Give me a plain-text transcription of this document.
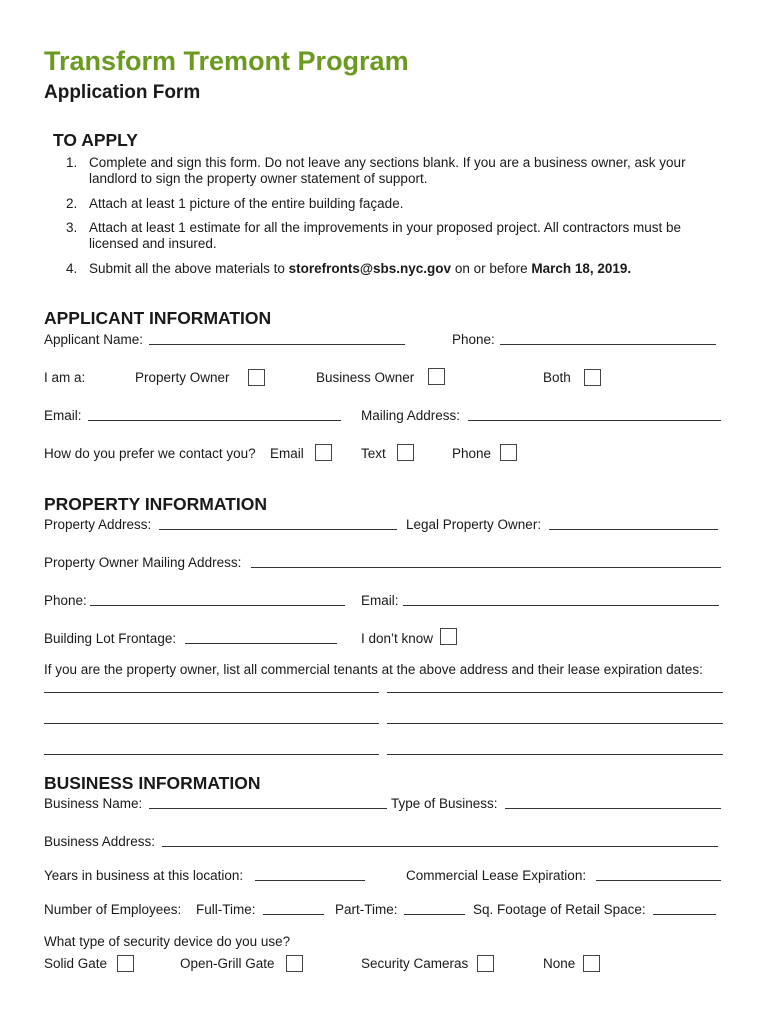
Transform Tremont Program
Application Form
TO APPLY
1. Complete and sign this form. Do not leave any sections blank. If you are a business owner, ask your landlord to sign the property owner statement of support.
2. Attach at least 1 picture of the entire building façade.
3. Attach at least 1 estimate for all the improvements in your proposed project. All contractors must be licensed and insured.
4. Submit all the above materials to storefronts@sbs.nyc.gov on or before March 18, 2019.
APPLICANT INFORMATION
Applicant Name:	Phone:
I am a:	Property Owner	Business Owner	Both
Email:	Mailing Address:
How do you prefer we contact you? Email	Text	Phone
PROPERTY INFORMATION
Property Address:	Legal Property Owner:
Property Owner Mailing Address:
Phone:	Email:
Building Lot Frontage:	I don’t know
If you are the property owner, list all commercial tenants at the above address and their lease expiration dates:
BUSINESS INFORMATION
Business Name:	Type of Business:
Business Address:
Years in business at this location:	Commercial Lease Expiration:
Number of Employees: Full-Time:	Part-Time:	Sq. Footage of Retail Space:
What type of security device do you use?
Solid Gate	Open-Grill Gate	Security Cameras	None
